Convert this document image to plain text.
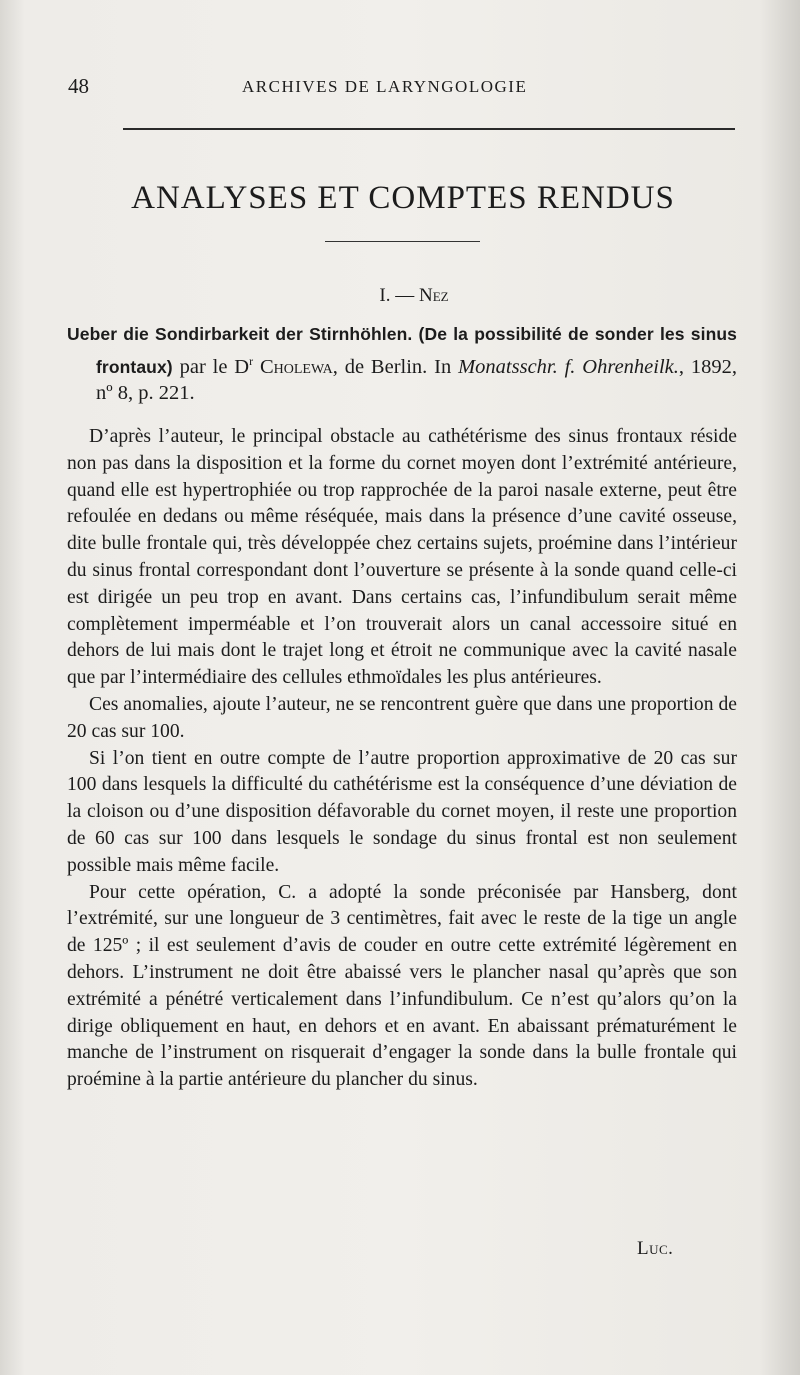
48	ARCHIVES DE LARYNGOLOGIE
ANALYSES ET COMPTES RENDUS
I. — Nez

Ueber die Sondirbarkeit der Stirnhöhlen. (De la possibilité de sonder les sinus frontaux) par le $D^r$ Cholewa, de Berlin. In Monatsschr. f. Ohrenheilk., 1892, nº 8, p. 221.

D’après l’auteur, le principal obstacle au cathétérisme des sinus frontaux réside non pas dans la disposition et la forme du cornet moyen dont l’extrémité antérieure, quand elle est hypertrophiée ou trop rapprochée de la paroi nasale externe, peut être refoulée en dedans ou même réséquée, mais dans la présence d’une cavité osseuse, dite bulle frontale qui, très développée chez certains sujets, proémine dans l’intérieur du sinus frontal correspondant dont l’ouverture se présente à la sonde quand celle-ci est dirigée un peu trop en avant. Dans certains cas, l’infundibulum serait même complètement imperméable et l’on trouverait alors un canal accessoire situé en dehors de lui mais dont le trajet long et étroit ne communique avec la cavité nasale que par l’intermédiaire des cellules ethmoïdales les plus antérieures.

Ces anomalies, ajoute l’auteur, ne se rencontrent guère que dans une proportion de 20 cas sur 100.

Si l’on tient en outre compte de l’autre proportion approximative de 20 cas sur 100 dans lesquels la difficulté du cathétérisme est la conséquence d’une déviation de la cloison ou d’une disposition défavorable du cornet moyen, il reste une proportion de 60 cas sur 100 dans lesquels le sondage du sinus frontal est non seulement possible mais même facile.

Pour cette opération, C. a adopté la sonde préconisée par Hansberg, dont l’extrémité, sur une longueur de 3 centimètres, fait avec le reste de la tige un angle de 125º ; il est seulement d’avis de couder en outre cette extrémité légèrement en dehors. L’instrument ne doit être abaissé vers le plancher nasal qu’après que son extrémité a pénétré verticalement dans l’infundibulum. Ce n’est qu’alors qu’on la dirige obliquement en haut, en dehors et en avant. En abaissant prématurément le manche de l’instrument on risquerait d’engager la sonde dans la bulle frontale qui proémine à la partie antérieure du plancher du sinus.

Luc.
